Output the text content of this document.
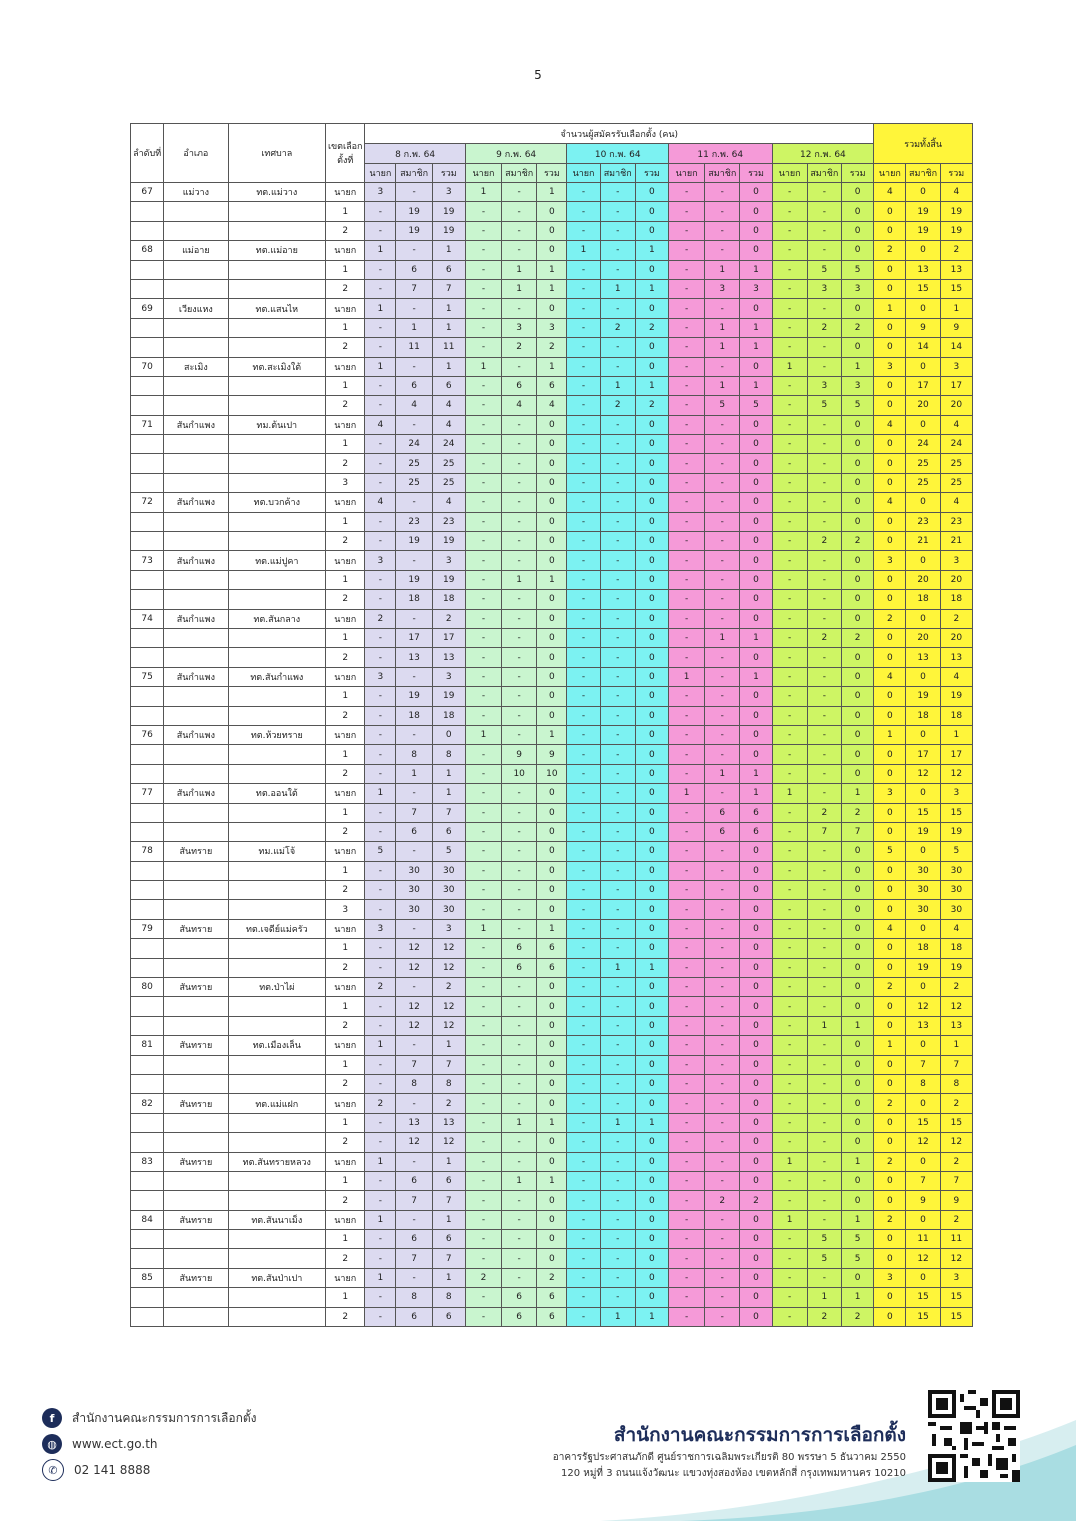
5
ลำดับที่	อำเภอ	เทศบาล	เขตเลือกตั้งที่	จำนวนผู้สมัครรับเลือกตั้ง (คน)															รวมทั้งสิ้น		
				8 ก.พ. 64			9 ก.พ. 64			10 ก.พ. 64			11 ก.พ. 64			12 ก.พ. 64					
				นายก	สมาชิก	รวม	นายก	สมาชิก	รวม	นายก	สมาชิก	รวม	นายก	สมาชิก	รวม	นายก	สมาชิก	รวม	นายก	สมาชิก	รวม
67	แม่วาง	ทต.แม่วาง	นายก	3	-	3	1	-	1	-	-	0	-	-	0	-	-	0	4	0	4
			1	-	19	19	-	-	0	-	-	0	-	-	0	-	-	0	0	19	19
			2	-	19	19	-	-	0	-	-	0	-	-	0	-	-	0	0	19	19
68	แม่อาย	ทต.แม่อาย	นายก	1	-	1	-	-	0	1	-	1	-	-	0	-	-	0	2	0	2
			1	-	6	6	-	1	1	-	-	0	-	1	1	-	5	5	0	13	13
			2	-	7	7	-	1	1	-	1	1	-	3	3	-	3	3	0	15	15
69	เวียงแหง	ทต.แสนไห	นายก	1	-	1	-	-	0	-	-	0	-	-	0	-	-	0	1	0	1
			1	-	1	1	-	3	3	-	2	2	-	1	1	-	2	2	0	9	9
			2	-	11	11	-	2	2	-	-	0	-	1	1	-	-	0	0	14	14
70	สะเมิง	ทต.สะเมิงใต้	นายก	1	-	1	1	-	1	-	-	0	-	-	0	1	-	1	3	0	3
			1	-	6	6	-	6	6	-	1	1	-	1	1	-	3	3	0	17	17
			2	-	4	4	-	4	4	-	2	2	-	5	5	-	5	5	0	20	20
71	สันกำแพง	ทม.ต้นเปา	นายก	4	-	4	-	-	0	-	-	0	-	-	0	-	-	0	4	0	4
			1	-	24	24	-	-	0	-	-	0	-	-	0	-	-	0	0	24	24
			2	-	25	25	-	-	0	-	-	0	-	-	0	-	-	0	0	25	25
			3	-	25	25	-	-	0	-	-	0	-	-	0	-	-	0	0	25	25
72	สันกำแพง	ทต.บวกค้าง	นายก	4	-	4	-	-	0	-	-	0	-	-	0	-	-	0	4	0	4
			1	-	23	23	-	-	0	-	-	0	-	-	0	-	-	0	0	23	23
			2	-	19	19	-	-	0	-	-	0	-	-	0	-	2	2	0	21	21
73	สันกำแพง	ทต.แม่ปูคา	นายก	3	-	3	-	-	0	-	-	0	-	-	0	-	-	0	3	0	3
			1	-	19	19	-	1	1	-	-	0	-	-	0	-	-	0	0	20	20
			2	-	18	18	-	-	0	-	-	0	-	-	0	-	-	0	0	18	18
74	สันกำแพง	ทต.สันกลาง	นายก	2	-	2	-	-	0	-	-	0	-	-	0	-	-	0	2	0	2
			1	-	17	17	-	-	0	-	-	0	-	1	1	-	2	2	0	20	20
			2	-	13	13	-	-	0	-	-	0	-	-	0	-	-	0	0	13	13
75	สันกำแพง	ทต.สันกำแพง	นายก	3	-	3	-	-	0	-	-	0	1	-	1	-	-	0	4	0	4
			1	-	19	19	-	-	0	-	-	0	-	-	0	-	-	0	0	19	19
			2	-	18	18	-	-	0	-	-	0	-	-	0	-	-	0	0	18	18
76	สันกำแพง	ทต.ห้วยทราย	นายก	-	-	0	1	-	1	-	-	0	-	-	0	-	-	0	1	0	1
			1	-	8	8	-	9	9	-	-	0	-	-	0	-	-	0	0	17	17
			2	-	1	1	-	10	10	-	-	0	-	1	1	-	-	0	0	12	12
77	สันกำแพง	ทต.ออนใต้	นายก	1	-	1	-	-	0	-	-	0	1	-	1	1	-	1	3	0	3
			1	-	7	7	-	-	0	-	-	0	-	6	6	-	2	2	0	15	15
			2	-	6	6	-	-	0	-	-	0	-	6	6	-	7	7	0	19	19
78	สันทราย	ทม.แม่โจ้	นายก	5	-	5	-	-	0	-	-	0	-	-	0	-	-	0	5	0	5
			1	-	30	30	-	-	0	-	-	0	-	-	0	-	-	0	0	30	30
			2	-	30	30	-	-	0	-	-	0	-	-	0	-	-	0	0	30	30
			3	-	30	30	-	-	0	-	-	0	-	-	0	-	-	0	0	30	30
79	สันทราย	ทต.เจดีย์แม่ครัว	นายก	3	-	3	1	-	1	-	-	0	-	-	0	-	-	0	4	0	4
			1	-	12	12	-	6	6	-	-	0	-	-	0	-	-	0	0	18	18
			2	-	12	12	-	6	6	-	1	1	-	-	0	-	-	0	0	19	19
80	สันทราย	ทต.ป่าไผ่	นายก	2	-	2	-	-	0	-	-	0	-	-	0	-	-	0	2	0	2
			1	-	12	12	-	-	0	-	-	0	-	-	0	-	-	0	0	12	12
			2	-	12	12	-	-	0	-	-	0	-	-	0	-	1	1	0	13	13
81	สันทราย	ทต.เมืองเล็น	นายก	1	-	1	-	-	0	-	-	0	-	-	0	-	-	0	1	0	1
			1	-	7	7	-	-	0	-	-	0	-	-	0	-	-	0	0	7	7
			2	-	8	8	-	-	0	-	-	0	-	-	0	-	-	0	0	8	8
82	สันทราย	ทต.แม่แฝก	นายก	2	-	2	-	-	0	-	-	0	-	-	0	-	-	0	2	0	2
			1	-	13	13	-	1	1	-	1	1	-	-	0	-	-	0	0	15	15
			2	-	12	12	-	-	0	-	-	0	-	-	0	-	-	0	0	12	12
83	สันทราย	ทต.สันทรายหลวง	นายก	1	-	1	-	-	0	-	-	0	-	-	0	1	-	1	2	0	2
			1	-	6	6	-	1	1	-	-	0	-	-	0	-	-	0	0	7	7
			2	-	7	7	-	-	0	-	-	0	-	2	2	-	-	0	0	9	9
84	สันทราย	ทต.สันนาเม็ง	นายก	1	-	1	-	-	0	-	-	0	-	-	0	1	-	1	2	0	2
			1	-	6	6	-	-	0	-	-	0	-	-	0	-	5	5	0	11	11
			2	-	7	7	-	-	0	-	-	0	-	-	0	-	5	5	0	12	12
85	สันทราย	ทต.สันป่าเปา	นายก	1	-	1	2	-	2	-	-	0	-	-	0	-	-	0	3	0	3
			1	-	8	8	-	6	6	-	-	0	-	-	0	-	1	1	0	15	15
			2	-	6	6	-	6	6	-	1	1	-	-	0	-	2	2	0	15	15
f	สำนักงานคณะกรรมการการเลือกตั้ง
◍	www.ect.go.th
✆	02 141 8888
สำนักงานคณะกรรมการการเลือกตั้ง
อาคารรัฐประศาสนภักดี ศูนย์ราชการเฉลิมพระเกียรติ 80 พรรษา 5 ธันวาคม 2550
120 หมู่ที่ 3 ถนนแจ้งวัฒนะ แขวงทุ่งสองห้อง เขตหลักสี่ กรุงเทพมหานคร 10210
